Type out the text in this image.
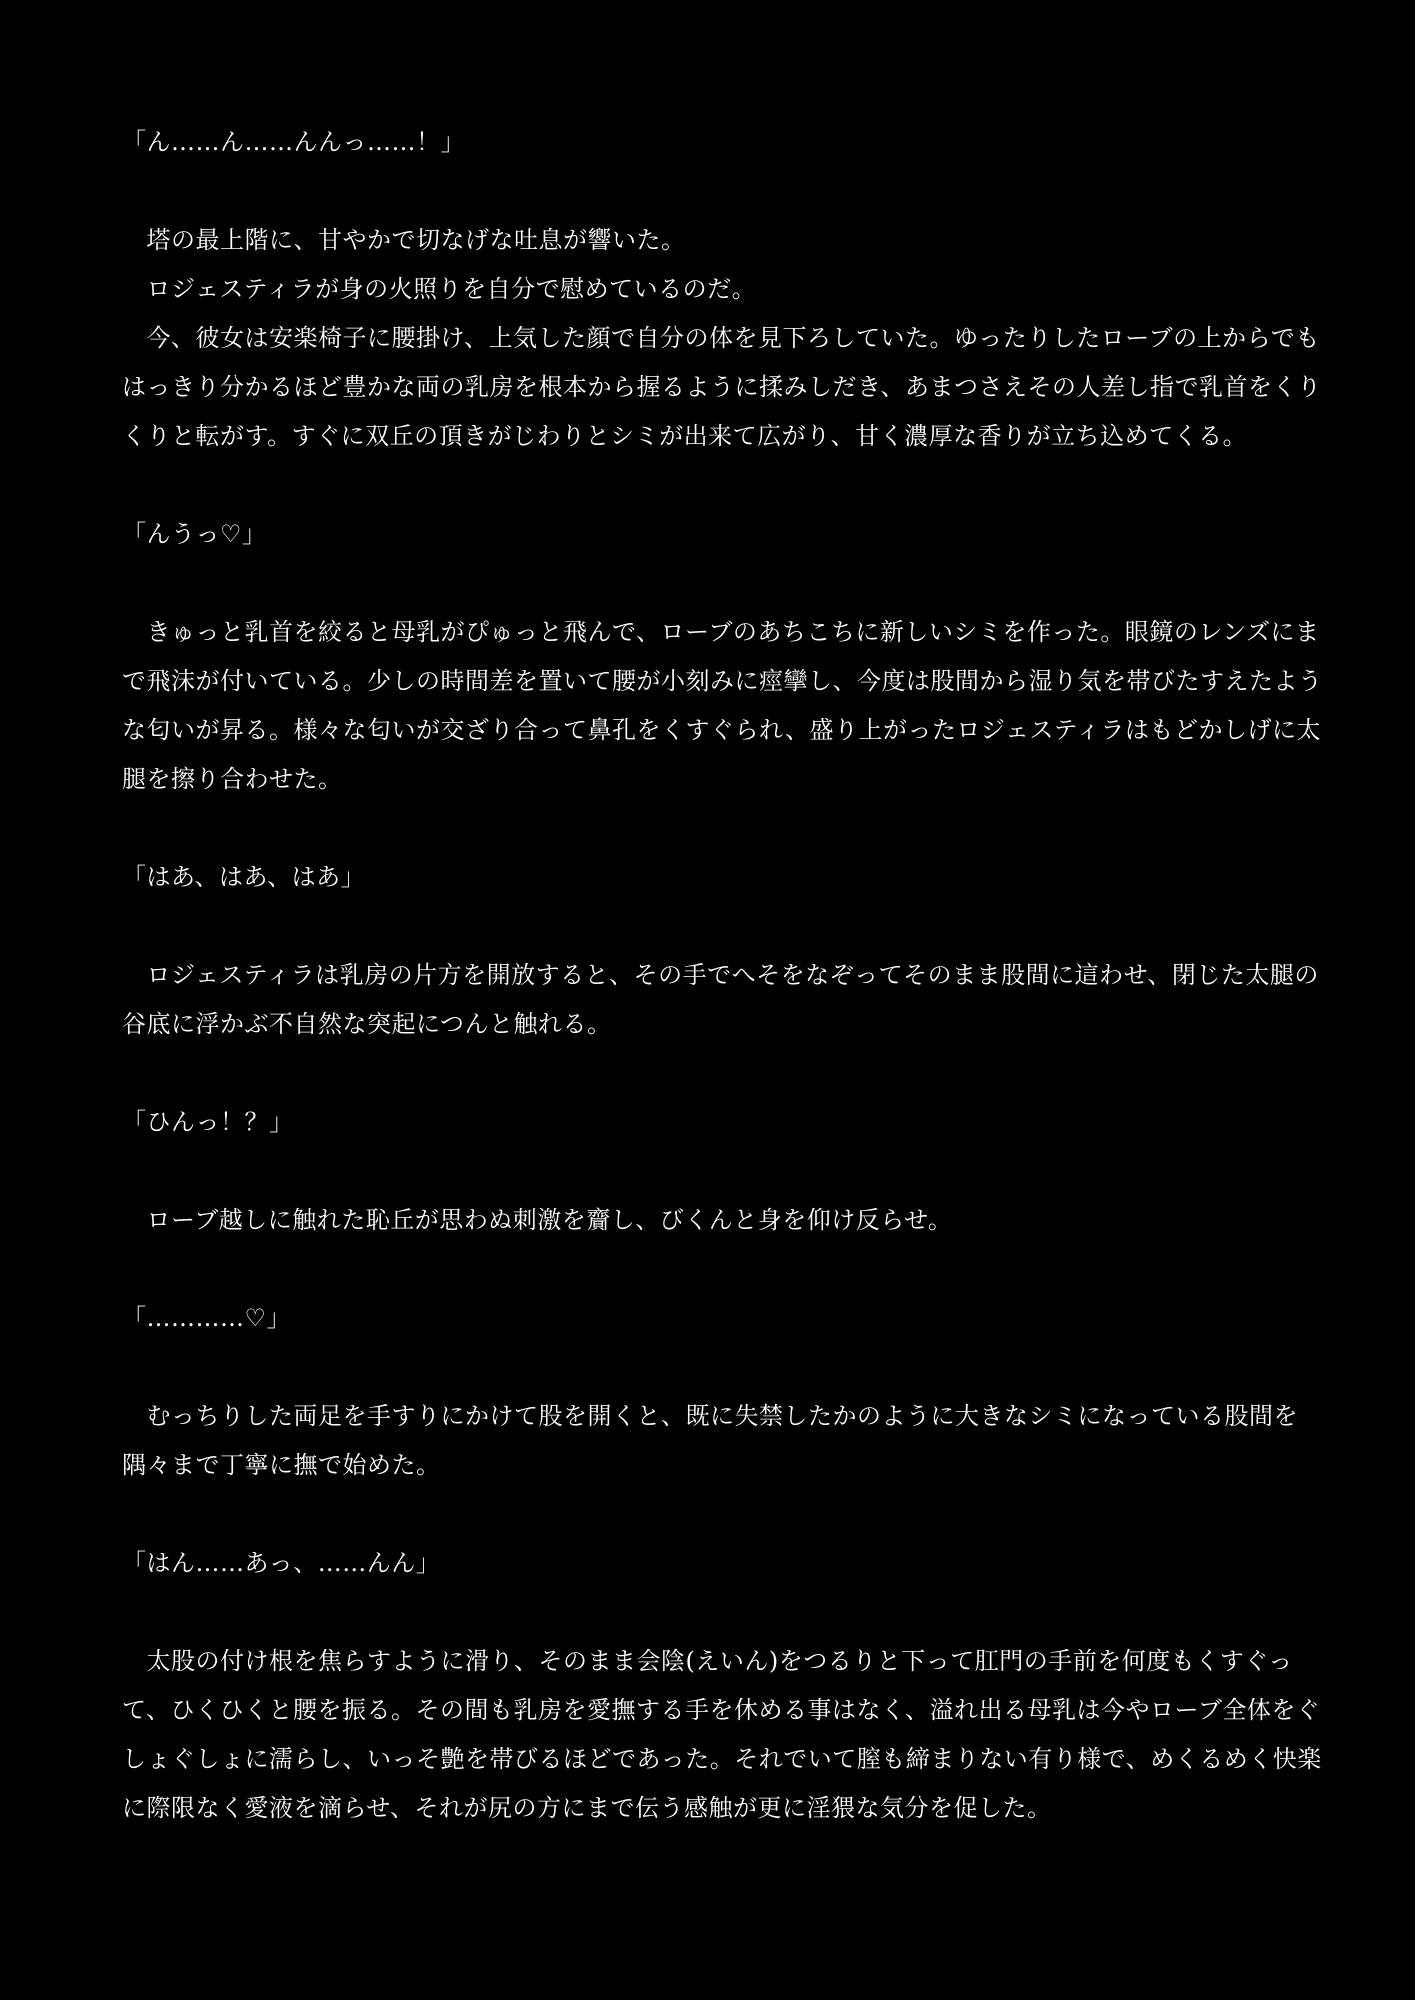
「ん……ん……んんっ……！」
　塔の最上階に、甘やかで切なげな吐息が響いた。
　ロジェスティラが身の火照りを自分で慰めているのだ。
　今、彼女は安楽椅子に腰掛け、上気した顔で自分の体を見下ろしていた。ゆったりしたローブの上からでも
はっきり分かるほど豊かな両の乳房を根本から握るように揉みしだき、あまつさえその人差し指で乳首をくり
くりと転がす。すぐに双丘の頂きがじわりとシミが出来て広がり、甘く濃厚な香りが立ち込めてくる。
「んうっ♡」
　きゅっと乳首を絞ると母乳がぴゅっと飛んで、ローブのあちこちに新しいシミを作った。眼鏡のレンズにま
で飛沫が付いている。少しの時間差を置いて腰が小刻みに痙攣し、今度は股間から湿り気を帯びたすえたよう
な匂いが昇る。様々な匂いが交ざり合って鼻孔をくすぐられ、盛り上がったロジェスティラはもどかしげに太
腿を擦り合わせた。
「はあ、はあ、はあ」
　ロジェスティラは乳房の片方を開放すると、その手でへそをなぞってそのまま股間に這わせ、閉じた太腿の
谷底に浮かぶ不自然な突起につんと触れる。
「ひんっ！？」
　ローブ越しに触れた恥丘が思わぬ刺激を齎し、びくんと身を仰け反らせ。
「…………♡」
　むっちりした両足を手すりにかけて股を開くと、既に失禁したかのように大きなシミになっている股間を
隅々まで丁寧に撫で始めた。
「はん……あっ、……んん」
　太股の付け根を焦らすように滑り、そのまま会陰(えいん)をつるりと下って肛門の手前を何度もくすぐっ
て、ひくひくと腰を振る。その間も乳房を愛撫する手を休める事はなく、溢れ出る母乳は今やローブ全体をぐ
しょぐしょに濡らし、いっそ艶を帯びるほどであった。それでいて膣も締まりない有り様で、めくるめく快楽
に際限なく愛液を滴らせ、それが尻の方にまで伝う感触が更に淫猥な気分を促した。
